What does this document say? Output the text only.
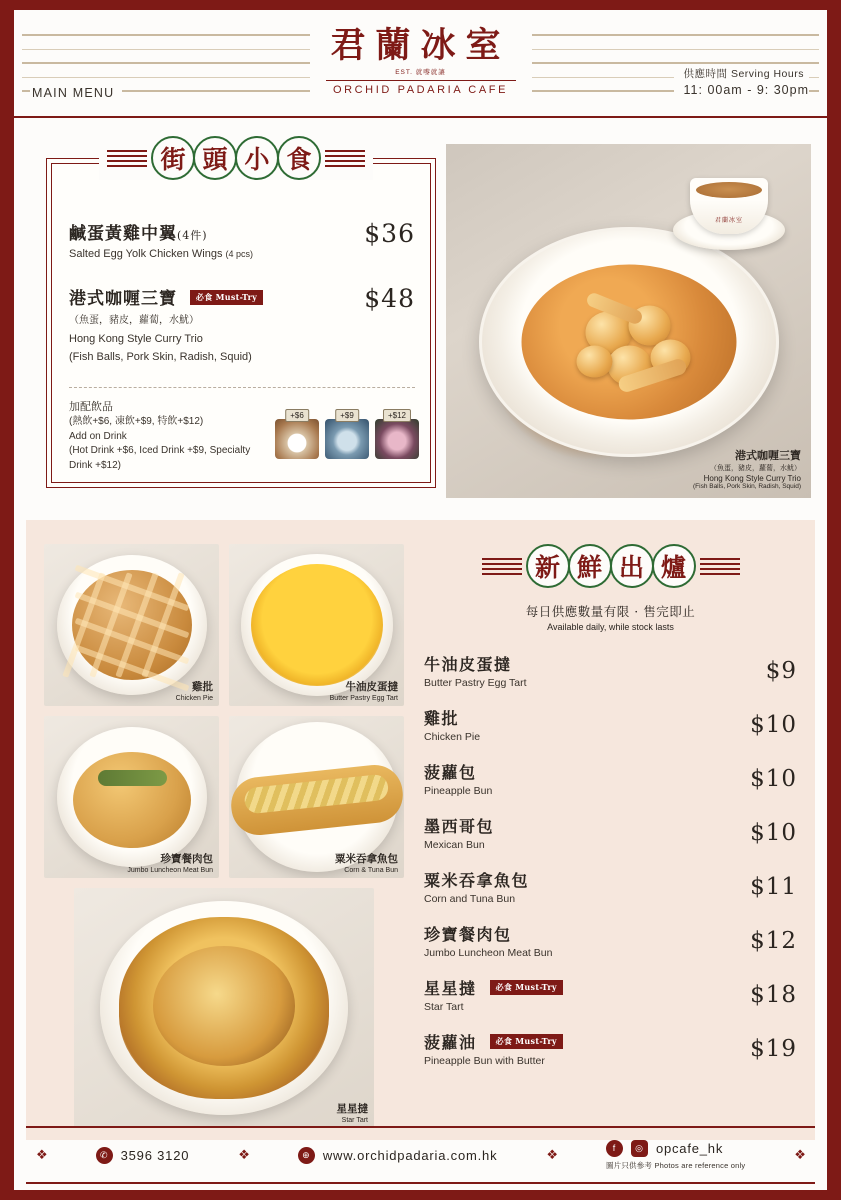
MAIN MENU
君蘭冰室
EST. 就嚟就讓
ORCHID PADARIA CAFE
供應時間 Serving Hours
11: 00am - 9: 30pm
鹹蛋黃雞中翼(4件)
Salted Egg Yolk Chicken Wings (4 pcs)
$36
港式咖喱三寶 必食 Must-Try
（魚蛋，豬皮，蘿蔔，水魷）
Hong Kong Style Curry Trio
(Fish Balls, Pork Skin, Radish, Squid)
$48
加配飲品
(熱飲+$6, 凍飲+$9, 特飲+$12)
Add on Drink
(Hot Drink +$6, Iced Drink +$9, Specialty Drink +$12)
+$6	+$9	+$12
街 頭 小 食
君蘭冰室
港式咖喱三寶
（魚蛋，豬皮，蘿蔔，水魷）
Hong Kong Style Curry Trio
(Fish Balls, Pork Skin, Radish, Squid)
雞批
Chicken Pie
牛油皮蛋撻
Butter Pastry Egg Tart
珍寶餐肉包
Jumbo Luncheon Meat Bun
粟米吞拿魚包
Corn & Tuna Bun
星星撻
Star Tart
新 鮮 出 爐
每日供應數量有限 · 售完即止
Available daily, while stock lasts
牛油皮蛋撻
Butter Pastry Egg Tart	$9
雞批
Chicken Pie	$10
菠蘿包
Pineapple Bun	$10
墨西哥包
Mexican Bun	$10
粟米吞拿魚包
Corn and Tuna Bun	$11
珍寶餐肉包
Jumbo Luncheon Meat Bun	$12
星星撻 必食 Must-Try
Star Tart	$18
菠蘿油 必食 Must-Try
Pineapple Bun with Butter	$19
❖	✆ 3596 3120	❖	⊕ www.orchidpadaria.com.hk	❖	f	◎ opcafe_hk
圖片只供參考 Photos are reference only
❖
